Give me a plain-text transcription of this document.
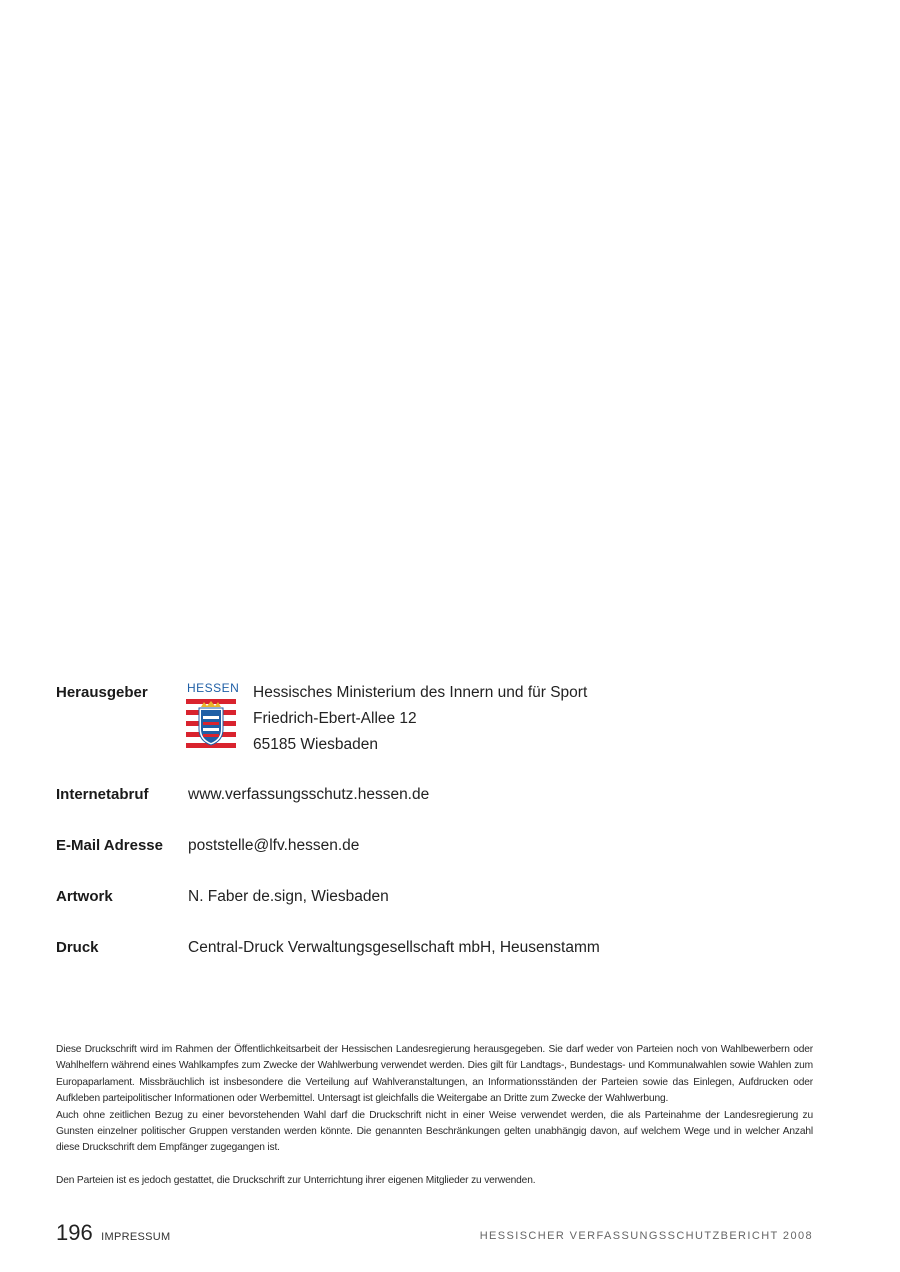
Herausgeber	HESSEN Hessisches Ministerium des Innern und für Sport
Friedrich-Ebert-Allee 12
65185 Wiesbaden
Internetabruf	www.verfassungsschutz.hessen.de
E-Mail Adresse poststelle@lfv.hessen.de
Artwork	N. Faber de.sign, Wiesbaden
Druck	Central-Druck Verwaltungsgesellschaft mbH, Heusenstamm

Diese Druckschrift wird im Rahmen der Öffentlichkeitsarbeit der Hessischen Landesregierung herausgegeben. Sie darf weder von Parteien noch von Wahlbewerbern oder Wahlhelfern während eines Wahlkampfes zum Zwecke der Wahlwerbung verwendet werden. Dies gilt für Landtags-, Bundestags- und Kommunalwahlen sowie Wahlen zum Europaparlament. Missbräuchlich ist insbesondere die Verteilung auf Wahlveranstaltungen, an Informationsständen der Parteien sowie das Einlegen, Aufdrucken oder Aufkleben parteipolitischer Informationen oder Werbemittel. Untersagt ist gleichfalls die Weitergabe an Dritte zum Zwecke der Wahlwerbung.

Auch ohne zeitlichen Bezug zu einer bevorstehenden Wahl darf die Druckschrift nicht in einer Weise verwendet werden, die als Parteinahme der Landesregierung zu Gunsten einzelner politischer Gruppen verstanden werden könnte. Die genannten Beschränkungen gelten unabhängig davon, auf welchem Wege und in welcher Anzahl diese Druckschrift dem Empfänger zugegangen ist.

Den Parteien ist es jedoch gestattet, die Druckschrift zur Unterrichtung ihrer eigenen Mitglieder zu verwenden.

196 IMPRESSUM	HESSISCHER VERFASSUNGSSCHUTZBERICHT 2008
